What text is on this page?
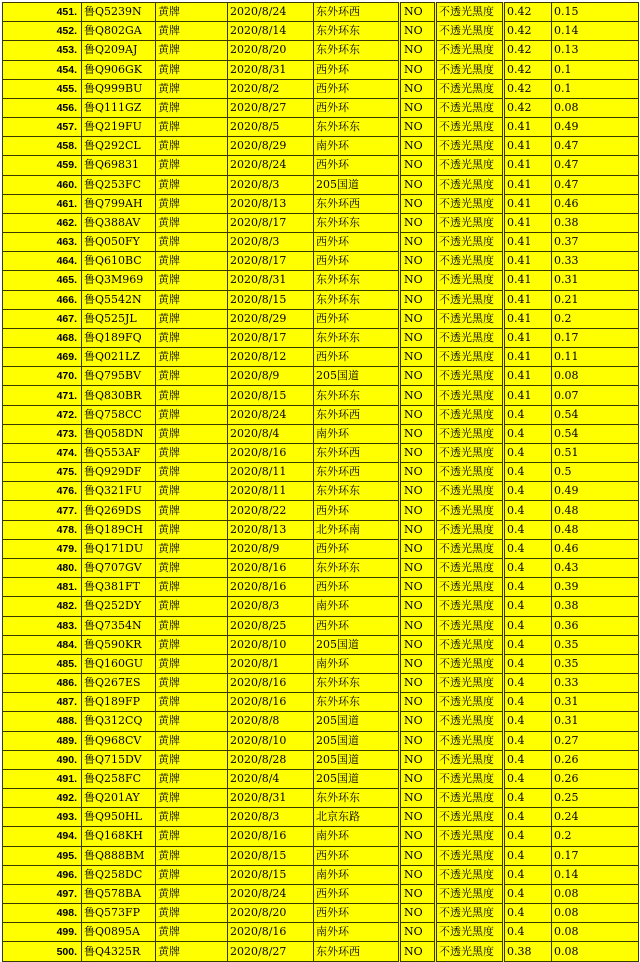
451.	鲁Q5239N	黄牌	2020/8/24	东外环西	NO	不透光黑度	0.42	0.15
452.	鲁Q802GA	黄牌	2020/8/14	东外环东	NO	不透光黑度	0.42	0.14
453.	鲁Q209AJ	黄牌	2020/8/20	东外环东	NO	不透光黑度	0.42	0.13
454.	鲁Q906GK	黄牌	2020/8/31	西外环	NO	不透光黑度	0.42	0.1
455.	鲁Q999BU	黄牌	2020/8/2	西外环	NO	不透光黑度	0.42	0.1
456.	鲁Q111GZ	黄牌	2020/8/27	西外环	NO	不透光黑度	0.42	0.08
457.	鲁Q219FU	黄牌	2020/8/5	东外环东	NO	不透光黑度	0.41	0.49
458.	鲁Q292CL	黄牌	2020/8/29	南外环	NO	不透光黑度	0.41	0.47
459.	鲁Q69831	黄牌	2020/8/24	西外环	NO	不透光黑度	0.41	0.47
460.	鲁Q253FC	黄牌	2020/8/3	205国道	NO	不透光黑度	0.41	0.47
461.	鲁Q799AH	黄牌	2020/8/13	东外环西	NO	不透光黑度	0.41	0.46
462.	鲁Q388AV	黄牌	2020/8/17	东外环东	NO	不透光黑度	0.41	0.38
463.	鲁Q050FY	黄牌	2020/8/3	西外环	NO	不透光黑度	0.41	0.37
464.	鲁Q610BC	黄牌	2020/8/17	西外环	NO	不透光黑度	0.41	0.33
465.	鲁Q3M969	黄牌	2020/8/31	东外环东	NO	不透光黑度	0.41	0.31
466.	鲁Q5542N	黄牌	2020/8/15	东外环东	NO	不透光黑度	0.41	0.21
467.	鲁Q525JL	黄牌	2020/8/29	西外环	NO	不透光黑度	0.41	0.2
468.	鲁Q189FQ	黄牌	2020/8/17	东外环东	NO	不透光黑度	0.41	0.17
469.	鲁Q021LZ	黄牌	2020/8/12	西外环	NO	不透光黑度	0.41	0.11
470.	鲁Q795BV	黄牌	2020/8/9	205国道	NO	不透光黑度	0.41	0.08
471.	鲁Q830BR	黄牌	2020/8/15	东外环东	NO	不透光黑度	0.41	0.07
472.	鲁Q758CC	黄牌	2020/8/24	东外环西	NO	不透光黑度	0.4	0.54
473.	鲁Q058DN	黄牌	2020/8/4	南外环	NO	不透光黑度	0.4	0.54
474.	鲁Q553AF	黄牌	2020/8/16	东外环西	NO	不透光黑度	0.4	0.51
475.	鲁Q929DF	黄牌	2020/8/11	东外环西	NO	不透光黑度	0.4	0.5
476.	鲁Q321FU	黄牌	2020/8/11	东外环东	NO	不透光黑度	0.4	0.49
477.	鲁Q269DS	黄牌	2020/8/22	西外环	NO	不透光黑度	0.4	0.48
478.	鲁Q189CH	黄牌	2020/8/13	北外环南	NO	不透光黑度	0.4	0.48
479.	鲁Q171DU	黄牌	2020/8/9	西外环	NO	不透光黑度	0.4	0.46
480.	鲁Q707GV	黄牌	2020/8/16	东外环东	NO	不透光黑度	0.4	0.43
481.	鲁Q381FT	黄牌	2020/8/16	西外环	NO	不透光黑度	0.4	0.39
482.	鲁Q252DY	黄牌	2020/8/3	南外环	NO	不透光黑度	0.4	0.38
483.	鲁Q7354N	黄牌	2020/8/25	西外环	NO	不透光黑度	0.4	0.36
484.	鲁Q590KR	黄牌	2020/8/10	205国道	NO	不透光黑度	0.4	0.35
485.	鲁Q160GU	黄牌	2020/8/1	南外环	NO	不透光黑度	0.4	0.35
486.	鲁Q267ES	黄牌	2020/8/16	东外环东	NO	不透光黑度	0.4	0.33
487.	鲁Q189FP	黄牌	2020/8/16	东外环东	NO	不透光黑度	0.4	0.31
488.	鲁Q312CQ	黄牌	2020/8/8	205国道	NO	不透光黑度	0.4	0.31
489.	鲁Q968CV	黄牌	2020/8/10	205国道	NO	不透光黑度	0.4	0.27
490.	鲁Q715DV	黄牌	2020/8/28	205国道	NO	不透光黑度	0.4	0.26
491.	鲁Q258FC	黄牌	2020/8/4	205国道	NO	不透光黑度	0.4	0.26
492.	鲁Q201AY	黄牌	2020/8/31	东外环东	NO	不透光黑度	0.4	0.25
493.	鲁Q950HL	黄牌	2020/8/3	北京东路	NO	不透光黑度	0.4	0.24
494.	鲁Q168KH	黄牌	2020/8/16	南外环	NO	不透光黑度	0.4	0.2
495.	鲁Q888BM	黄牌	2020/8/15	西外环	NO	不透光黑度	0.4	0.17
496.	鲁Q258DC	黄牌	2020/8/15	南外环	NO	不透光黑度	0.4	0.14
497.	鲁Q578BA	黄牌	2020/8/24	西外环	NO	不透光黑度	0.4	0.08
498.	鲁Q573FP	黄牌	2020/8/20	西外环	NO	不透光黑度	0.4	0.08
499.	鲁Q0895A	黄牌	2020/8/16	南外环	NO	不透光黑度	0.4	0.08
500.	鲁Q4325R	黄牌	2020/8/27	东外环西	NO	不透光黑度	0.38	0.08
